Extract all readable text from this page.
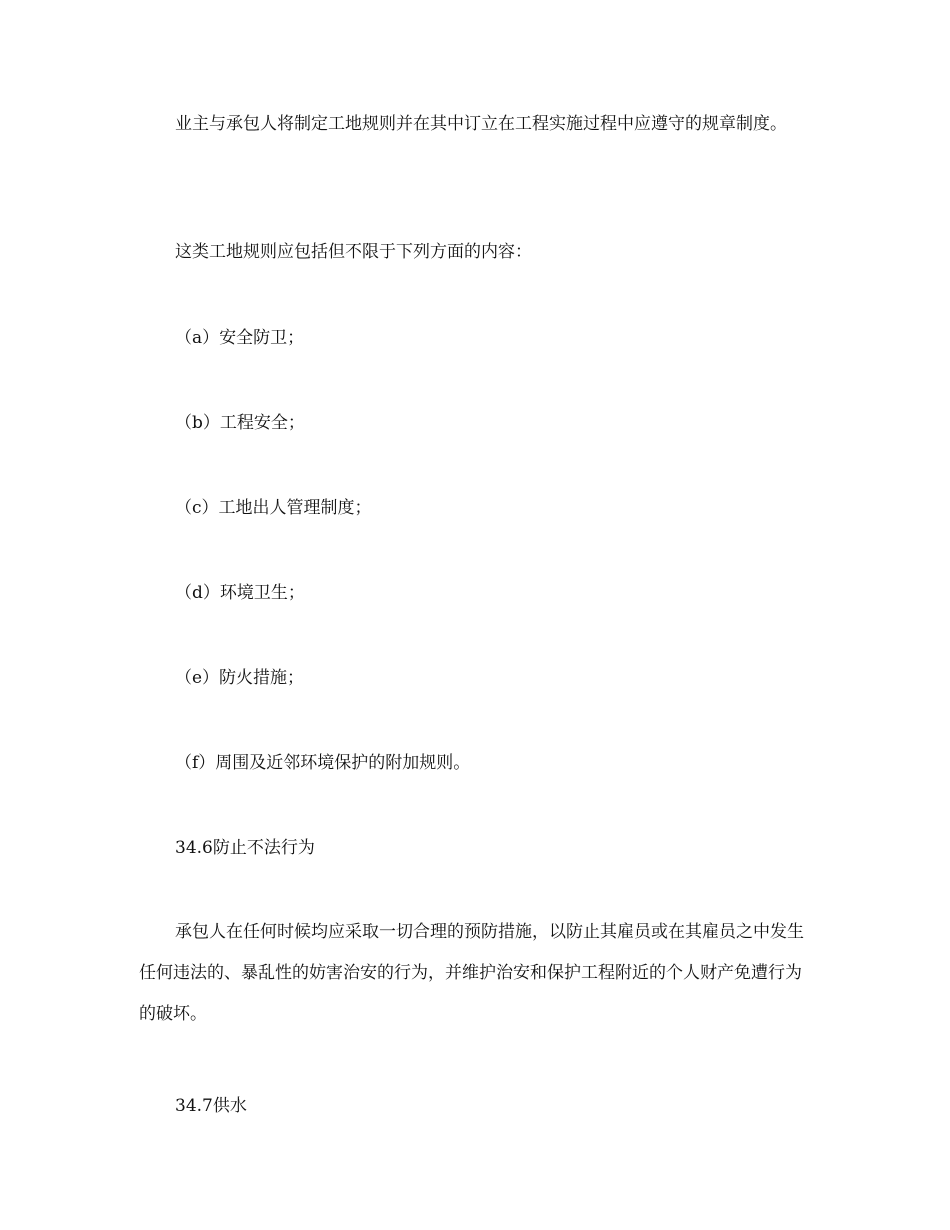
业主与承包人将制定工地规则并在其中订立在工程实施过程中应遵守的规章制度。

这类工地规则应包括但不限于下列方面的内容：

（a）安全防卫；

（b）工程安全；

（c）工地出人管理制度；

（d）环境卫生；

（e）防火措施；

（f）周围及近邻环境保护的附加规则。

34.6防止不法行为

承包人在任何时候均应采取一切合理的预防措施，以防止其雇员或在其雇员之中发生任何违法的、暴乱性的妨害治安的行为，并维护治安和保护工程附近的个人财产免遭行为的破坏。

34.7供水
